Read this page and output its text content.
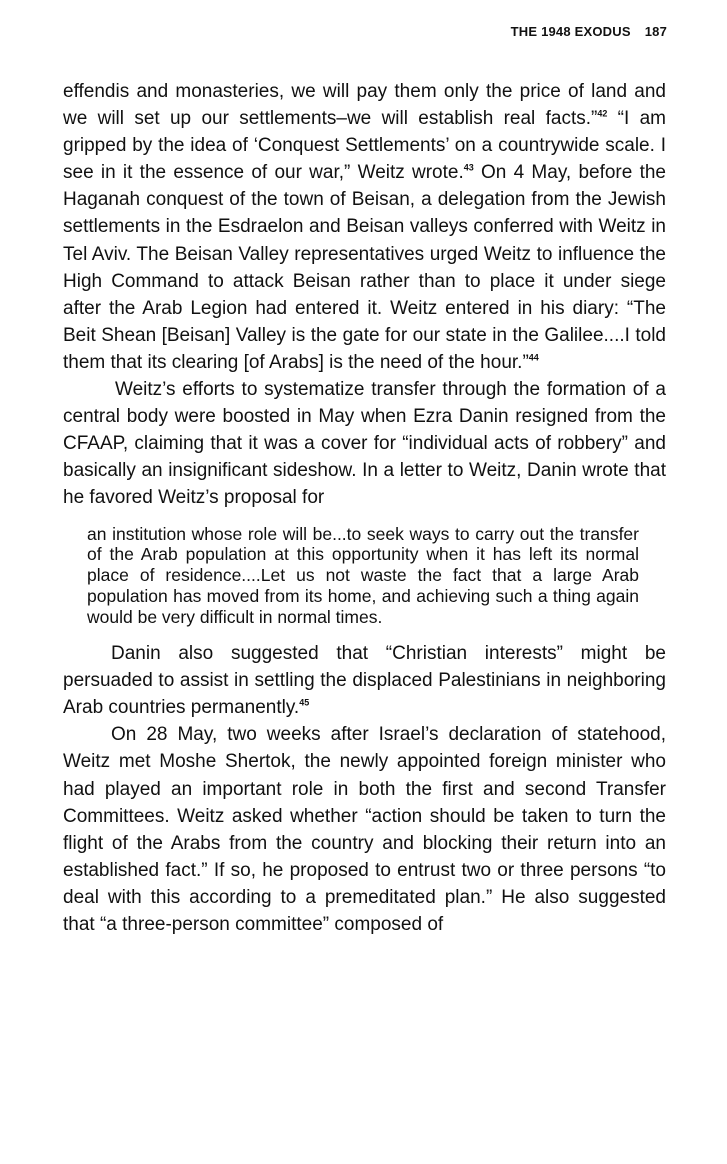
THE 1948 EXODUS 187

effendis and monasteries, we will pay them only the price of land and we will set up our settlements–we will establish real facts.”$^{42}$ “I am gripped by the idea of ‘Conquest Settlements’ on a countrywide scale. I see in it the essence of our war,” Weitz wrote.$^{43}$ On 4 May, before the Haganah conquest of the town of Beisan, a delegation from the Jewish settlements in the Esdraelon and Beisan valleys conferred with Weitz in Tel Aviv. The Beisan Valley representatives urged Weitz to influence the High Command to attack Beisan rather than to place it under siege after the Arab Legion had entered it. Weitz entered in his diary: “The Beit Shean [Beisan] Valley is the gate for our state in the Galilee....I told them that its clearing [of Arabs] is the need of the hour.”$^{44}$

Weitz’s efforts to systematize transfer through the formation of a central body were boosted in May when Ezra Danin resigned from the CFAAP, claiming that it was a cover for “individual acts of robbery” and basically an insignificant sideshow. In a letter to Weitz, Danin wrote that he favored Weitz’s proposal for

an institution whose role will be...to seek ways to carry out the transfer of the Arab population at this opportunity when it has left its normal place of residence....Let us not waste the fact that a large Arab population has moved from its home, and achieving such a thing again would be very difficult in normal times.

Danin also suggested that “Christian interests” might be persuaded to assist in settling the displaced Palestinians in neighboring Arab countries permanently.$^{45}$

On 28 May, two weeks after Israel’s declaration of statehood, Weitz met Moshe Shertok, the newly appointed foreign minister who had played an important role in both the first and second Transfer Committees. Weitz asked whether “action should be taken to turn the flight of the Arabs from the country and blocking their return into an established fact.” If so, he proposed to entrust two or three persons “to deal with this according to a premeditated plan.” He also suggested that “a three-person committee” composed of
